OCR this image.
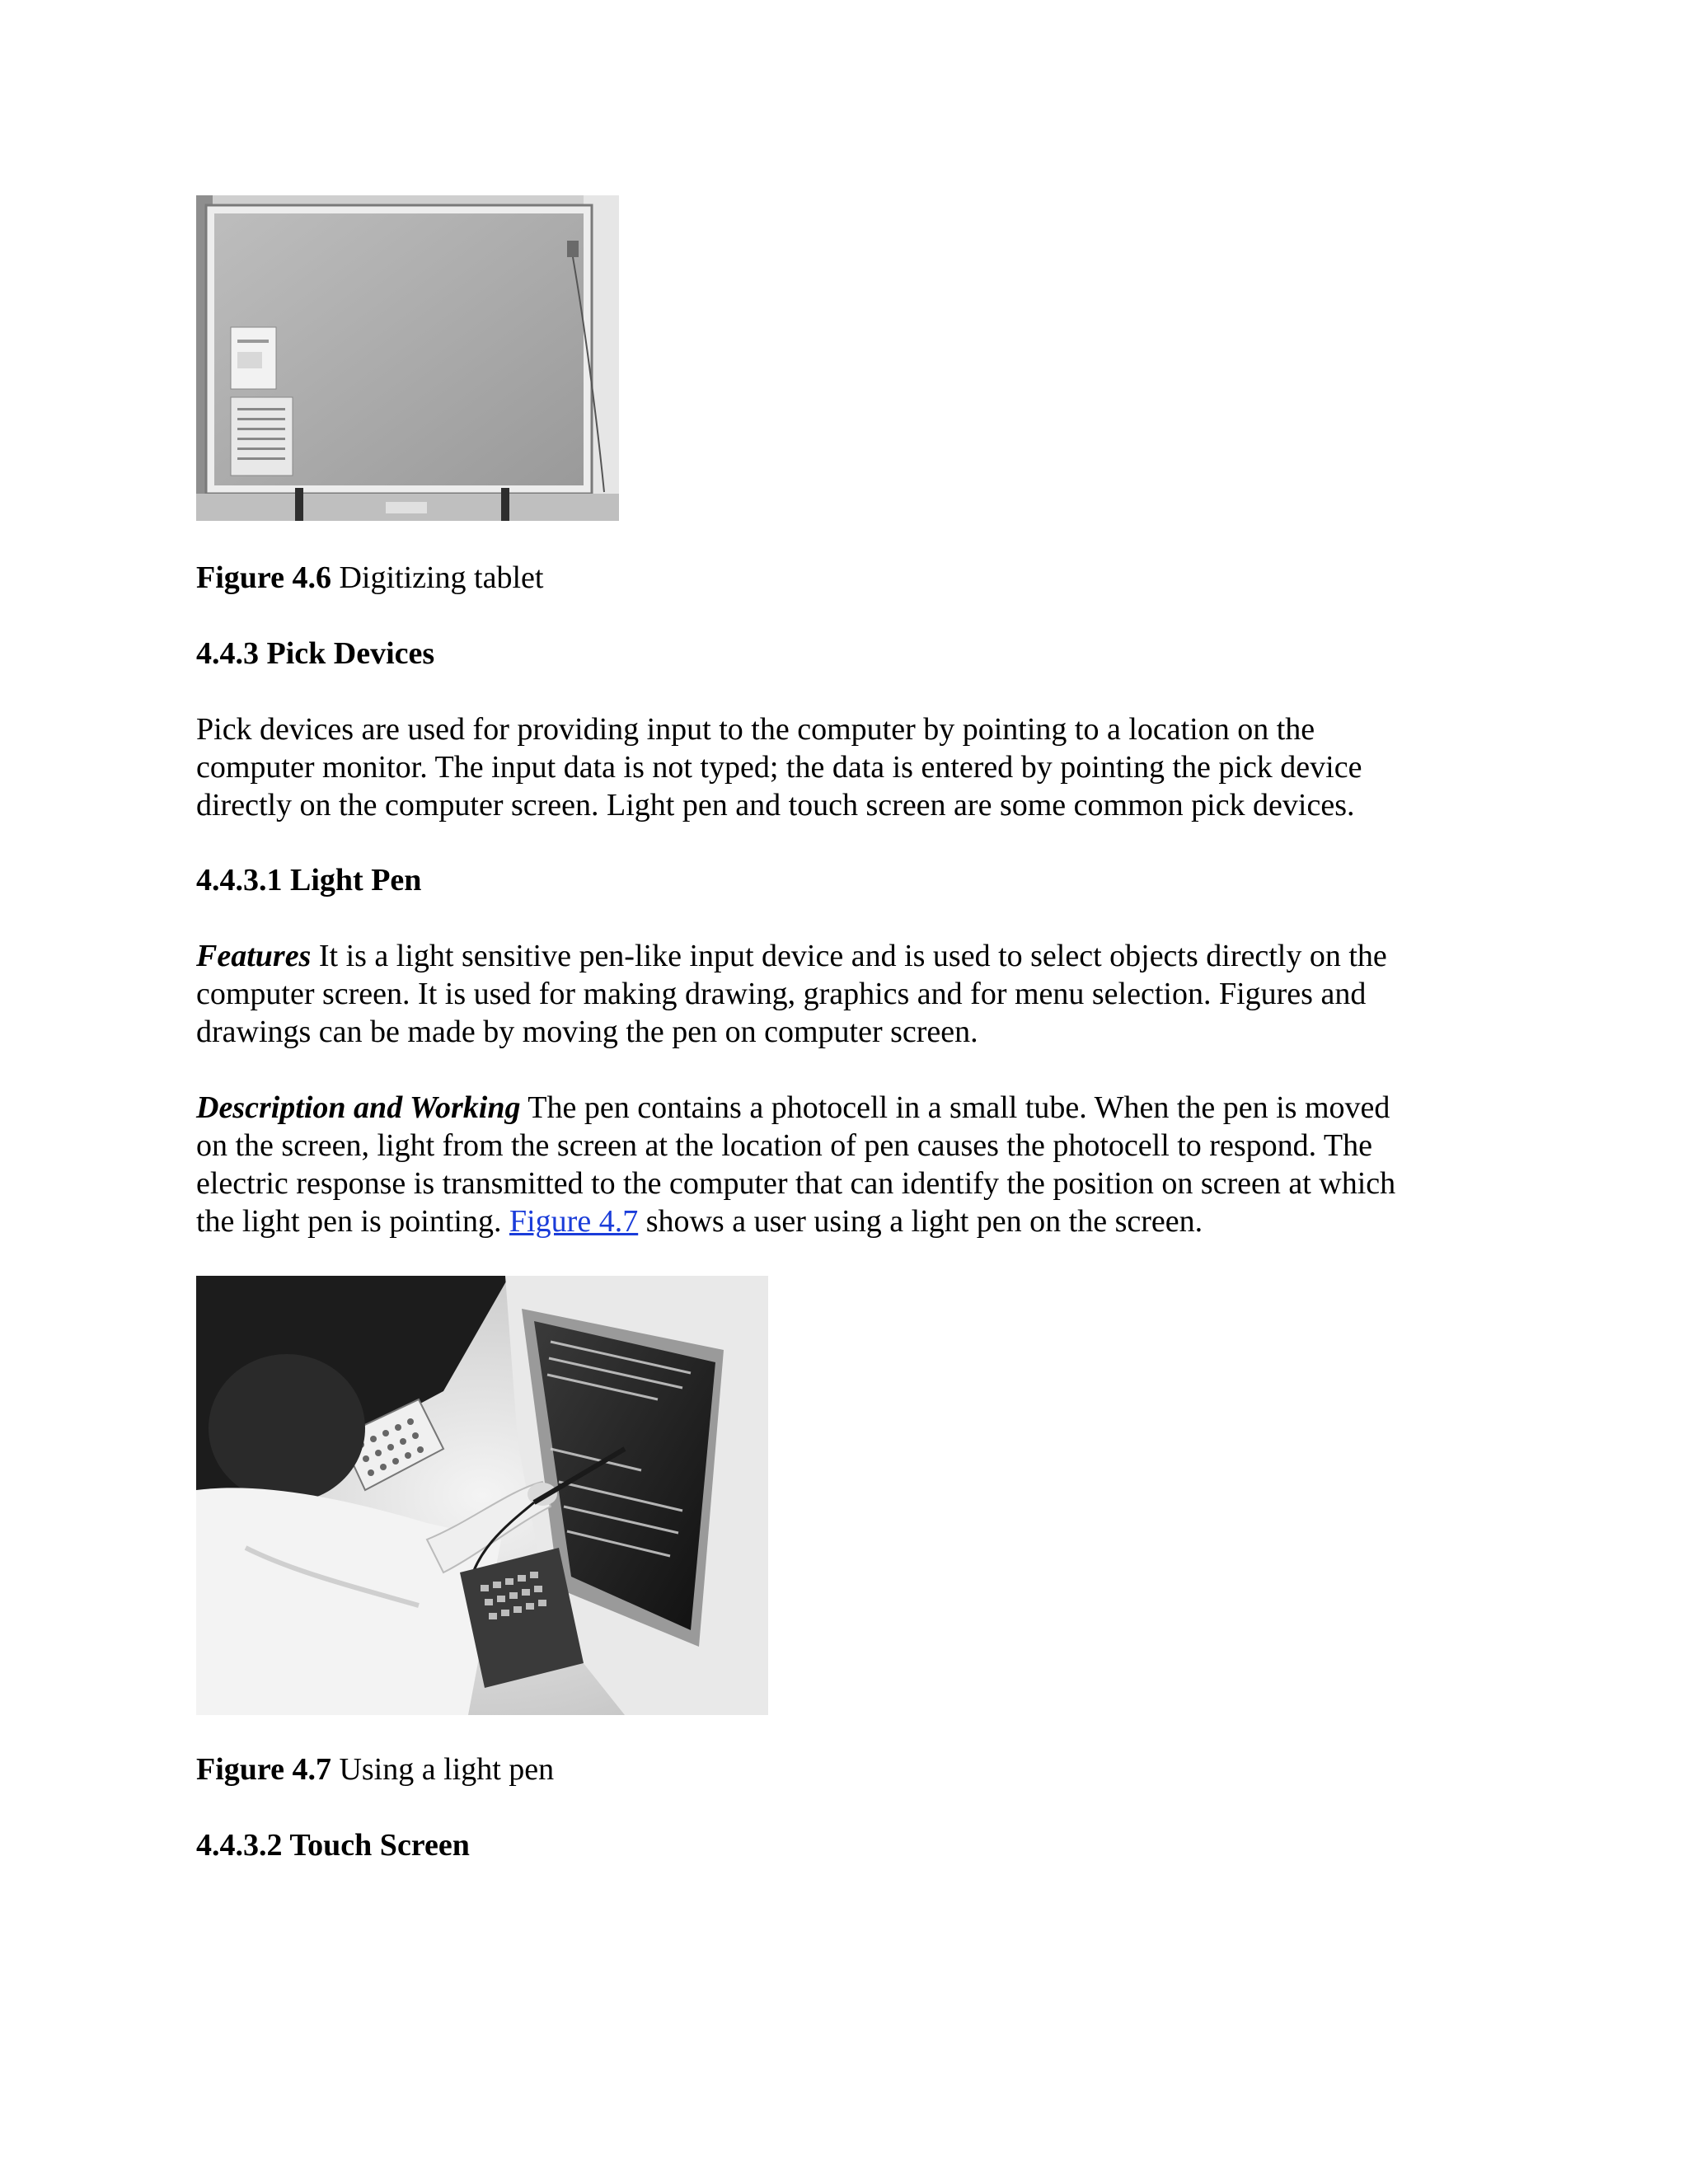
Figure 4.6 Digitizing tablet

4.4.3 Pick Devices

Pick devices are used for providing input to the computer by pointing to a location on the
computer monitor. The input data is not typed; the data is entered by pointing the pick device
directly on the computer screen. Light pen and touch screen are some common pick devices.

4.4.3.1 Light Pen

Features It is a light sensitive pen-like input device and is used to select objects directly on the
computer screen. It is used for making drawing, graphics and for menu selection. Figures and
drawings can be made by moving the pen on computer screen.

Description and Working The pen contains a photocell in a small tube. When the pen is moved
on the screen, light from the screen at the location of pen causes the photocell to respond. The
electric response is transmitted to the computer that can identify the position on screen at which
the light pen is pointing. Figure 4.7 shows a user using a light pen on the screen.

Figure 4.7 Using a light pen

4.4.3.2 Touch Screen
